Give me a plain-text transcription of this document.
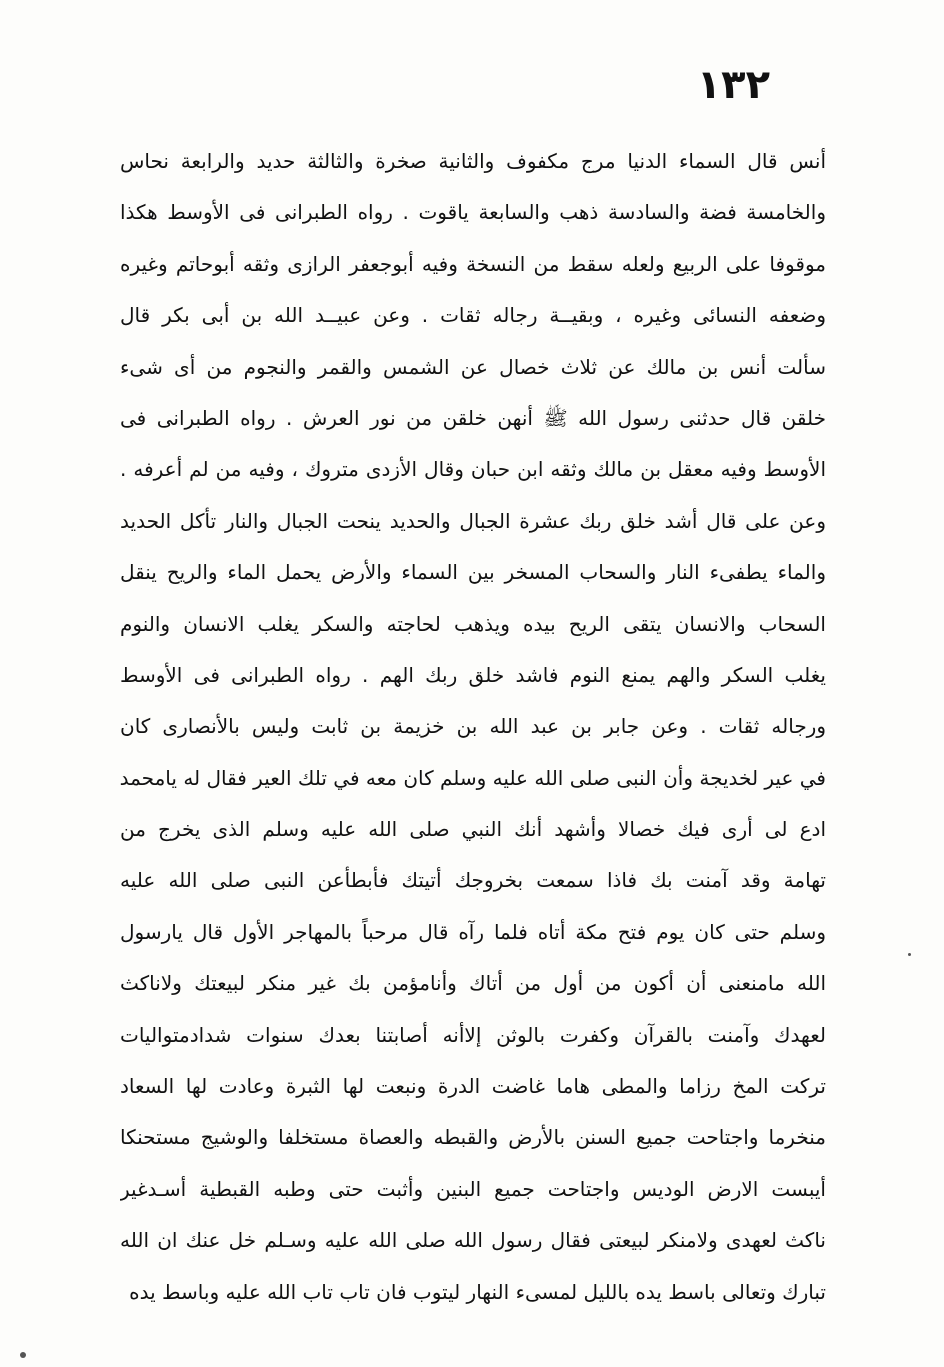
١٣٢
أنس قال السماء الدنيا مرج مكفوف والثانية صخرة والثالثة حديد والرابعة نحاس
والخامسة فضة والسادسة ذهب والسابعة ياقوت . رواه الطبرانى فى الأوسط هكذا
موقوفا على الربيع ولعله سقط من النسخة وفيه أبوجعفر الرازى وثقه أبوحاتم وغيره
وضعفه النسائى وغيره ، وبقيــة رجاله ثقات . وعن عبيــد الله بن أبى بكر قال
سألت أنس بن مالك عن ثلاث خصال عن الشمس والقمر والنجوم من أى شىء
خلقن قال حدثنى رسول الله ﷺ أنهن خلقن من نور العرش . رواه الطبرانى فى
الأوسط وفيه معقل بن مالك وثقه ابن حبان وقال الأزدى متروك ، وفيه من لم أعرفه .
وعن على قال أشد خلق ربك عشرة الجبال والحديد ينحت الجبال والنار تأكل الحديد
والماء يطفىء النار والسحاب المسخر بين السماء والأرض يحمل الماء والريح ينقل
السحاب والانسان يتقى الريح بيده ويذهب لحاجته والسكر يغلب الانسان والنوم
يغلب السكر والهم يمنع النوم فاشد خلق ربك الهم . رواه الطبرانى فى الأوسط
ورجاله ثقات . وعن جابر بن عبد الله بن خزيمة بن ثابت وليس بالأنصارى كان
في عير لخديجة وأن النبى صلى الله عليه وسلم كان معه في تلك العير فقال له يامحمد
ادع لى أرى فيك خصالا وأشهد أنك النبي صلى الله عليه وسلم الذى يخرج من
تهامة وقد آمنت بك فاذا سمعت بخروجك أتيتك فأبطأعن النبى صلى الله عليه
وسلم حتى كان يوم فتح مكة أتاه فلما رآه قال مرحباً بالمهاجر الأول قال يارسول
الله مامنعنى أن أكون من أول من أتاك وأنامؤمن بك غير منكر لبيعتك ولاناكث
لعهدك وآمنت بالقرآن وكفرت بالوثن إلاأنه أصابتنا بعدك سنوات شدادمتواليات
تركت المخ رزاما والمطى هاما غاضت الدرة ونبعت لها الثبرة وعادت لها السعاد
منخرما واجتاحت جميع السنن بالأرض والقبطه والعصاة مستخلفا والوشيج مستحنكا
أيبست الارض الوديس واجتاحت جميع البنين وأثبت حتى وطبه القبطية أسـدغير
ناكث لعهدى ولامنكر لبيعتى فقال رسول الله صلى الله عليه وسـلم خل عنك ان الله
تبارك وتعالى باسط يده بالليل لمسىء النهار ليتوب فان تاب تاب الله عليه وباسط يده
